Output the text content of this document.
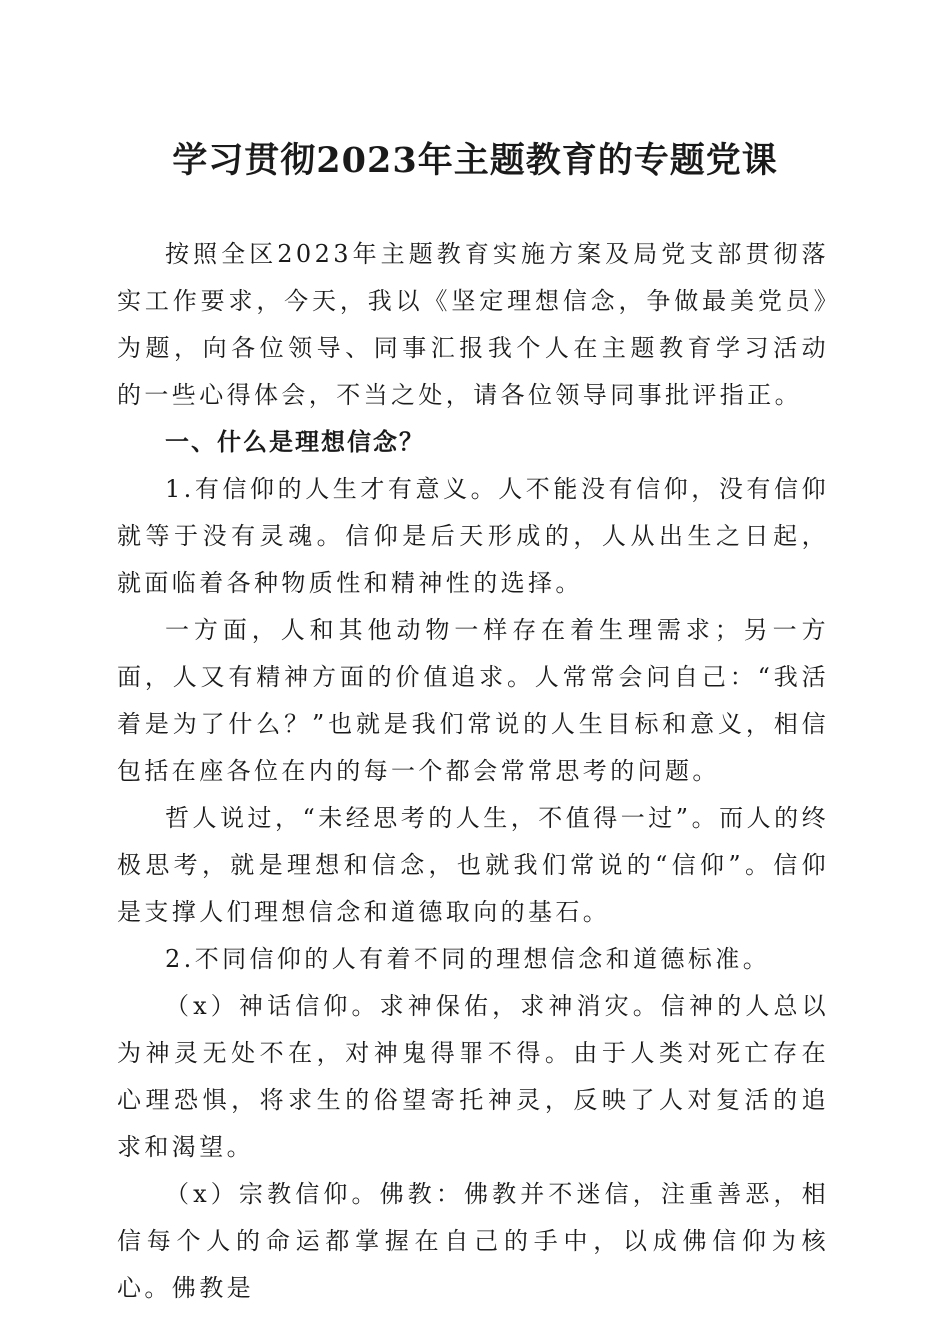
学习贯彻2023年主题教育的专题党课

按照全区2023年主题教育实施方案及局党支部贯彻落实工作要求，今天，我以《坚定理想信念，争做最美党员》为题，向各位领导、同事汇报我个人在主题教育学习活动的一些心得体会，不当之处，请各位领导同事批评指正。

一、什么是理想信念？

1.有信仰的人生才有意义。人不能没有信仰，没有信仰就等于没有灵魂。信仰是后天形成的，人从出生之日起，就面临着各种物质性和精神性的选择。

一方面，人和其他动物一样存在着生理需求；另一方面，人又有精神方面的价值追求。人常常会问自己：“我活着是为了什么？”也就是我们常说的人生目标和意义，相信包括在座各位在内的每一个都会常常思考的问题。

哲人说过，“未经思考的人生，不值得一过”。而人的终极思考，就是理想和信念，也就我们常说的“信仰”。信仰是支撑人们理想信念和道德取向的基石。

2.不同信仰的人有着不同的理想信念和道德标准。

（x）神话信仰。求神保佑，求神消灾。信神的人总以为神灵无处不在，对神鬼得罪不得。由于人类对死亡存在心理恐惧，将求生的俗望寄托神灵，反映了人对复活的追求和渴望。

（x）宗教信仰。佛教：佛教并不迷信，注重善恶，相信每个人的命运都掌握在自己的手中，以成佛信仰为核心。佛教是
